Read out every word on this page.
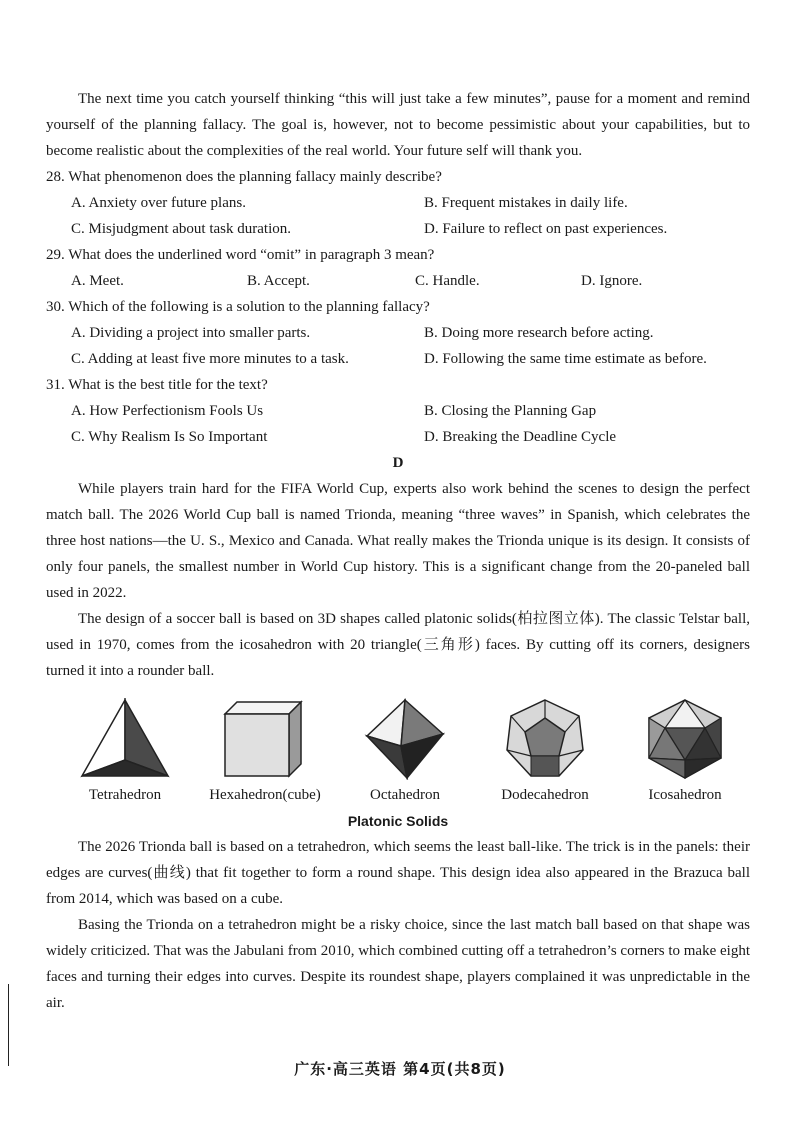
The next time you catch yourself thinking “this will just take a few minutes”, pause for a moment and remind yourself of the planning fallacy. The goal is, however, not to become pessimistic about your capabilities, but to become realistic about the complexities of the real world. Your future self will thank you.

28. What phenomenon does the planning fallacy mainly describe?

A. Anxiety over future plans.	B. Frequent mistakes in daily life.
C. Misjudgment about task duration.	D. Failure to reflect on past experiences.

29. What does the underlined word “omit” in paragraph 3 mean?

A. Meet.	B. Accept.	C. Handle.	D. Ignore.

30. Which of the following is a solution to the planning fallacy?

A. Dividing a project into smaller parts.	B. Doing more research before acting.
C. Adding at least five more minutes to a task.	D. Following the same time estimate as before.

31. What is the best title for the text?

A. How Perfectionism Fools Us	B. Closing the Planning Gap
C. Why Realism Is So Important	D. Breaking the Deadline Cycle

D

While players train hard for the FIFA World Cup, experts also work behind the scenes to design the perfect match ball. The 2026 World Cup ball is named Trionda, meaning “three waves” in Spanish, which celebrates the three host nations—the U. S., Mexico and Canada. What really makes the Trionda unique is its design. It consists of only four panels, the smallest number in World Cup history. This is a significant change from the 20-paneled ball used in 2022.

The design of a soccer ball is based on 3D shapes called platonic solids(柏拉图立体). The classic Telstar ball, used in 1970, comes from the icosahedron with 20 triangle(三角形) faces. By cutting off its corners, designers turned it into a rounder ball.

Tetrahedron	Hexahedron(cube)	Octahedron	Dodecahedron	Icosahedron

Platonic Solids

The 2026 Trionda ball is based on a tetrahedron, which seems the least ball-like. The trick is in the panels: their edges are curves(曲线) that fit together to form a round shape. This design idea also appeared in the Brazuca ball from 2014, which was based on a cube.

Basing the Trionda on a tetrahedron might be a risky choice, since the last match ball based on that shape was widely criticized. That was the Jabulani from 2010, which combined cutting off a tetrahedron’s corners to make eight faces and turning their edges into curves. Despite its roundest shape, players complained it was unpredictable in the air.

广东·高三英语 第4页(共8页)
